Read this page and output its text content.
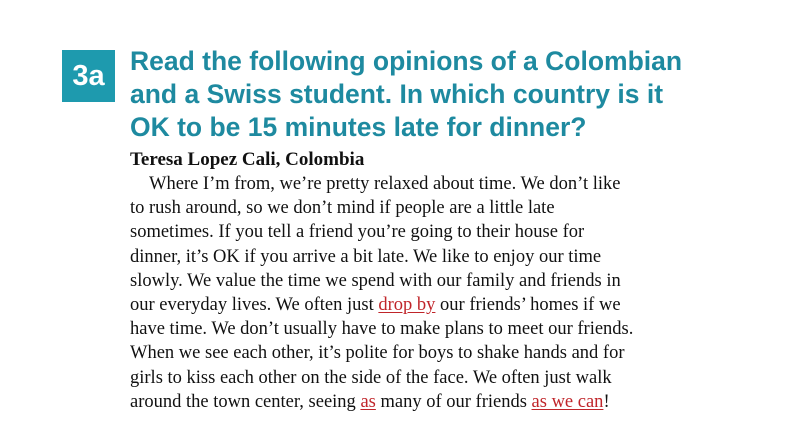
3a Read the following opinions of a Colombian
and a Swiss student. In which country is it
OK to be 15 minutes late for dinner?
Teresa Lopez Cali, Colombia
Where I’m from, we’re pretty relaxed about time. We don’t like
to rush around, so we don’t mind if people are a little late
sometimes. If you tell a friend you’re going to their house for
dinner, it’s OK if you arrive a bit late. We like to enjoy our time
slowly. We value the time we spend with our family and friends in
our everyday lives. We often just drop by our friends’ homes if we
have time. We don’t usually have to make plans to meet our friends.
When we see each other, it’s polite for boys to shake hands and for
girls to kiss each other on the side of the face. We often just walk
around the town center, seeing as many of our friends as we can !
